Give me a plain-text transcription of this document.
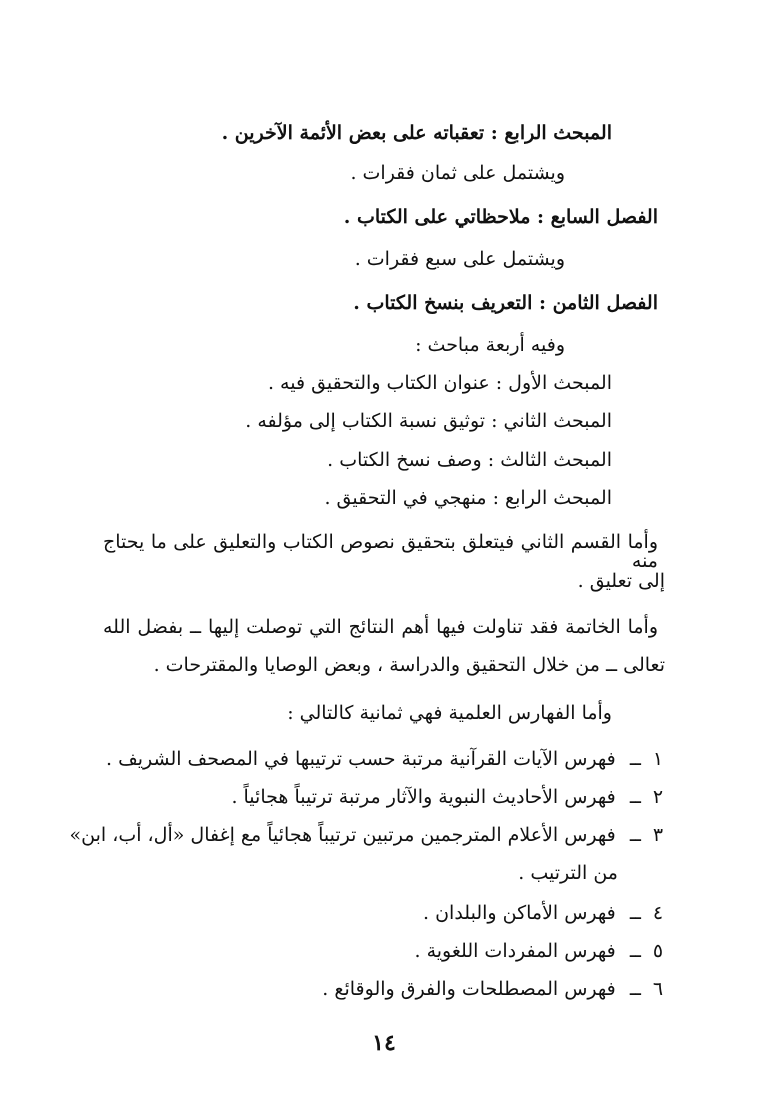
المبحث الرابع : تعقباته على بعض الأئمة الآخرين .
ويشتمل على ثمان فقرات .
الفصل السابع : ملاحظاتي على الكتاب .
ويشتمل على سبع فقرات .
الفصل الثامن : التعريف بنسخ الكتاب .
وفيه أربعة مباحث :
المبحث الأول : عنوان الكتاب والتحقيق فيه .
المبحث الثاني : توثيق نسبة الكتاب إلى مؤلفه .
المبحث الثالث : وصف نسخ الكتاب .
المبحث الرابع : منهجي في التحقيق .
وأما القسم الثاني فيتعلق بتحقيق نصوص الكتاب والتعليق على ما يحتاج منه
إلى تعليق .
وأما الخاتمة فقد تناولت فيها أهم النتائج التي توصلت إليها ــ بفضل الله
تعالى ــ من خلال التحقيق والدراسة ، وبعض الوصايا والمقترحات .
وأما الفهارس العلمية فهي ثمانية كالتالي :
١ ــ فهرس الآيات القرآنية مرتبة حسب ترتيبها في المصحف الشريف .
٢ ــ فهرس الأحاديث النبوية والآثار مرتبة ترتيباً هجائياً .
٣ ــ فهرس الأعلام المترجمين مرتبين ترتيباً هجائياً مع إغفال «أل، أب، ابن»
من الترتيب .
٤ ــ فهرس الأماكن والبلدان .
٥ ــ فهرس المفردات اللغوية .
٦ ــ فهرس المصطلحات والفرق والوقائع .
١٤
